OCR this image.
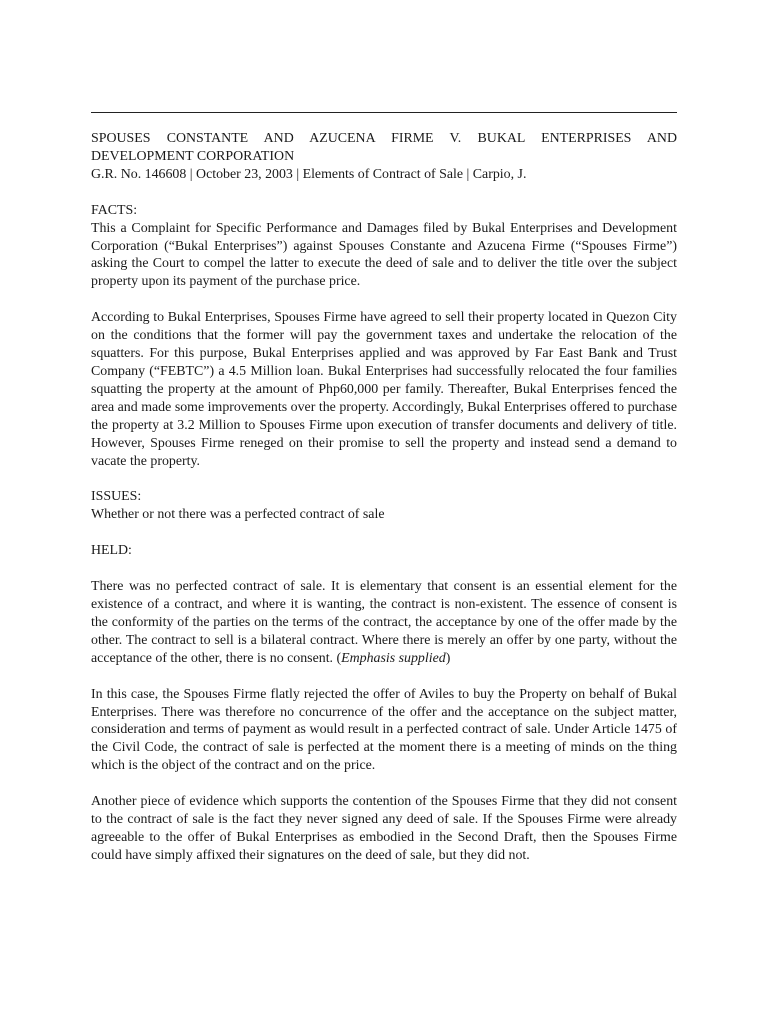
SPOUSES CONSTANTE AND AZUCENA FIRME V. BUKAL ENTERPRISES AND DEVELOPMENT CORPORATION

G.R. No. 146608 | October 23, 2003 | Elements of Contract of Sale | Carpio, J.

FACTS:

This a Complaint for Specific Performance and Damages filed by Bukal Enterprises and Development Corporation (“Bukal Enterprises”) against Spouses Constante and Azucena Firme (“Spouses Firme”) asking the Court to compel the latter to execute the deed of sale and to deliver the title over the subject property upon its payment of the purchase price.

According to Bukal Enterprises, Spouses Firme have agreed to sell their property located in Quezon City on the conditions that the former will pay the government taxes and undertake the relocation of the squatters. For this purpose, Bukal Enterprises applied and was approved by Far East Bank and Trust Company (“FEBTC”) a 4.5 Million loan. Bukal Enterprises had successfully relocated the four families squatting the property at the amount of Php60,000 per family. Thereafter, Bukal Enterprises fenced the area and made some improvements over the property. Accordingly, Bukal Enterprises offered to purchase the property at 3.2 Million to Spouses Firme upon execution of transfer documents and delivery of title. However, Spouses Firme reneged on their promise to sell the property and instead send a demand to vacate the property.

ISSUES:

Whether or not there was a perfected contract of sale

HELD:

There was no perfected contract of sale. It is elementary that consent is an essential element for the existence of a contract, and where it is wanting, the contract is non-existent. The essence of consent is the conformity of the parties on the terms of the contract, the acceptance by one of the offer made by the other. The contract to sell is a bilateral contract. Where there is merely an offer by one party, without the acceptance of the other, there is no consent. (Emphasis supplied)

In this case, the Spouses Firme flatly rejected the offer of Aviles to buy the Property on behalf of Bukal Enterprises. There was therefore no concurrence of the offer and the acceptance on the subject matter, consideration and terms of payment as would result in a perfected contract of sale. Under Article 1475 of the Civil Code, the contract of sale is perfected at the moment there is a meeting of minds on the thing which is the object of the contract and on the price.

Another piece of evidence which supports the contention of the Spouses Firme that they did not consent to the contract of sale is the fact they never signed any deed of sale. If the Spouses Firme were already agreeable to the offer of Bukal Enterprises as embodied in the Second Draft, then the Spouses Firme could have simply affixed their signatures on the deed of sale, but they did not.
